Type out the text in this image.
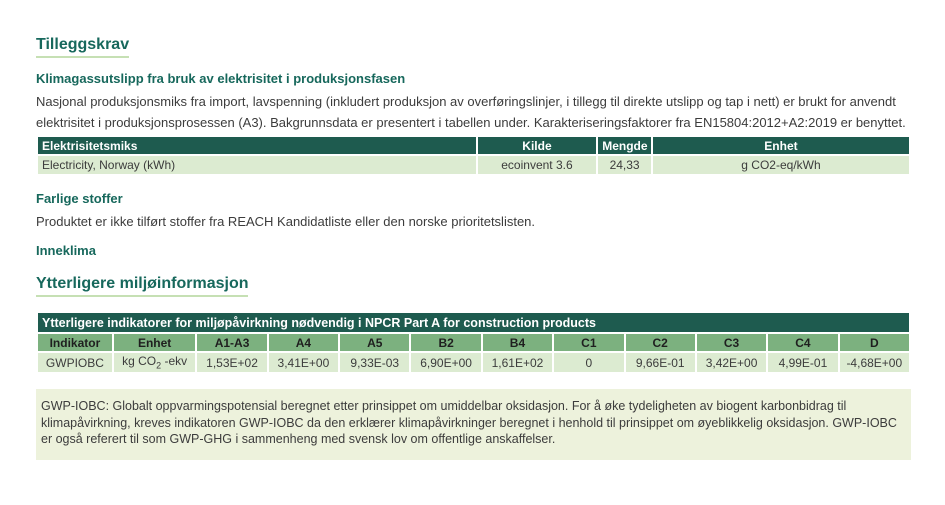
Tilleggskrav
Klimagassutslipp fra bruk av elektrisitet i produksjonsfasen

Nasjonal produksjonsmiks fra import, lavspenning (inkludert produksjon av overføringslinjer, i tillegg til direkte utslipp og tap i nett) er brukt for anvendt elektrisitet i produksjonsprosessen (A3). Bakgrunnsdata er presentert i tabellen under. Karakteriseringsfaktorer fra EN15804:2012+A2:2019 er benyttet.

Elektrisitetsmiks	Kilde	Mengde	Enhet
Electricity, Norway (kWh)	ecoinvent 3.6	24,33	g CO2-eq/kWh
Farlige stoffer

Produktet er ikke tilført stoffer fra REACH Kandidatliste eller den norske prioritetslisten.

Inneklima
Ytterligere miljøinformasjon
Ytterligere indikatorer for miljøpåvirkning nødvendig i NPCR Part A for construction products											
Indikator	Enhet	A1-A3	A4	A5	B2	B4	C1	C2	C3	C4	D
GWPIOBC	kg $CO_2$ -ekv	1,53E+02	3,41E+00	9,33E-03	6,90E+00	1,61E+02	0	9,66E-01	3,42E+00	4,99E-01	-4,68E+00
GWP-IOBC: Globalt oppvarmingspotensial beregnet etter prinsippet om umiddelbar oksidasjon. For å øke tydeligheten av biogent karbonbidrag til klimapåvirkning, kreves indikatoren GWP-IOBC da den erklærer klimapåvirkninger beregnet i henhold til prinsippet om øyeblikkelig oksidasjon. GWP-IOBC er også referert til som GWP-GHG i sammenheng med svensk lov om offentlige anskaffelser.
